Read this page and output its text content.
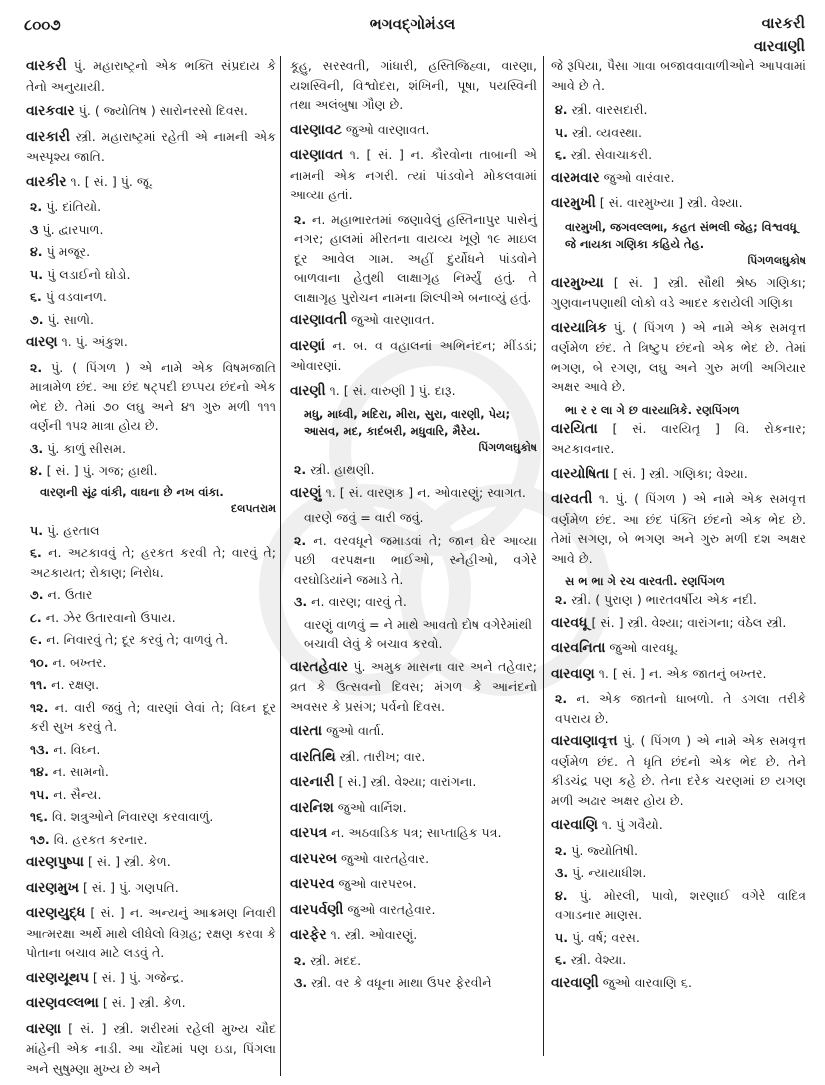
૮૦૦૭	ભગવદ્ગોમંડલ	વારકરી
વારવાણી
વારકરી પું. મહારાષ્ટ્રનો એક ભક્તિ સંપ્રદાય કે તેનો અનુયાયી.
વારકવાર પું. ( જ્યોતિષ ) સારોનરસો દિવસ.
વારકારી સ્ત્રી. મહારાષ્ટ્રમાં રહેતી એ નામની એક અસ્પૃશ્ય જાતિ.
વારકીર ૧. [ સં. ] પું. જૂ.
૨. પું. દાંતિયો.
૩ પું. દ્વારપાળ.
૪. પું મજૂર.
૫. પું લડાઈનો ઘોડો.
૬. પું વડવાનળ.
૭. પું. સાળો.
વારણ ૧. પું. અંકુશ.
૨. પું. ( પિંગળ ) એ નામે એક વિષમજાતિ માત્રામેળ છંદ. આ છંદ ષટ્પદી છપ્પય છંદનો એક ભેદ છે. તેમાં ૭૦ લઘુ અને ૪૧ ગુરુ મળી ૧૧૧ વર્ણની ૧૫૨ માત્રા હોય છે.
૩. પું. કાળું સીસમ.
૪. [ સં. ] પું. ગજ; હાથી.
વારણની સૂંઢ વાંકી, વાઘના છે નખ વાંકા.
દલપતરામ
૫. પું. હરતાલ
૬. ન. અટકાવવું તે; હરકત કરવી તે; વારવું તે; અટકાયત; રોકાણ; નિરોધ.
૭. ન. ઉતાર
૮. ન. ઝેર ઉતારવાનો ઉપાય.
૯. ન. નિવારવું તે; દૂર કરવું તે; વાળવું તે.
૧૦. ન. બખ્તર.
૧૧. ન. રક્ષણ.
૧૨. ન. વારી જવું તે; વારણાં લેવાં તે; વિઘ્ન દૂર કરી સુખ કરવું તે.
૧૩. ન. વિઘ્ન.
૧૪. ન. સામનો.
૧૫. ન. સૈન્ય.
૧૬. વિ. શત્રુઓને નિવારણ કરવાવાળું.
૧૭. વિ. હરકત કરનાર.
વારણપુષ્પા [ સં. ] સ્ત્રી. કેળ.
વારણમુખ [ સં. ] પું. ગણપતિ.
વારણયુદ્ધ [ સં. ] ન. અન્યનું આક્રમણ નિવારી આત્મરક્ષા અર્થે માથે લીધેલો વિગ્રહ; રક્ષણ કરવા કે પોતાના બચાવ માટે લડવું તે.
વારણયૂથપ [ સં. ] પું. ગજેન્દ્ર.
વારણવલ્લભા [ સં. ] સ્ત્રી. કેળ.
વારણા [ સં. ] સ્ત્રી. શરીરમાં રહેલી મુખ્ય ચૌદ માંહેની એક નાડી. આ ચૌદમાં પણ ઇડા, પિંગલા અને સુષુમ્ણા મુખ્ય છે અને
કૂહુ, સરસ્વતી, ગાંધારી, હસ્તિજિહ્વા, વારણા, યશસ્વિની, વિશ્વોદરા, શંખિની, પૂષા, પયસ્વિની તથા અલંબુષા ગૌણ છે.
વારણાવટ જુઓ વારણાવત.
વારણાવત ૧. [ સં. ] ન. કૌરવોના તાબાની એ નામની એક નગરી. ત્યાં પાંડવોને મોકલવામાં આવ્યા હતાં.
૨. ન. મહાભારતમાં જણાવેલું હસ્તિનાપુર પાસેનું નગર; હાલમાં મીરતના વાયવ્ય ખૂણે ૧૯ માઇલ દૂર આવેલ ગામ. અહીં દુર્યોધને પાંડવોને બાળવાના હેતુથી લાક્ષાગૃહ નિર્મ્યું હતું. તે લાક્ષાગૃહ પુરોચન નામના શિલ્પીએ બનાવ્યું હતું.
વારણાવતી જુઓ વારણાવત.
વારણાં ન. બ. વ વહાલનાં અભિનંદન; મીંડડાં; ઓવારણાં.
વારણી ૧. [ સં. વારુણી ] પું. દારૂ.
મધુ, માધ્વી, મદિરા, મીરા, સુરા, વારણી, પેય; આસવ, મદ, કાદંબરી, મધુવારિ, મૈરેય.
પિંગળલઘુકોષ
૨. સ્ત્રી. હાથણી.
વારણું ૧. [ સં. વારણક ] ન. ઓવારણું; સ્વાગત.
વારણે જવું = વારી જવું.
૨. ન. વરવધૂને જમાડવાં તે; જાન ઘેર આવ્યા પછી વરપક્ષના ભાઈઓ, સ્નેહીઓ, વગેરે વરઘોડિયાંને જમાડે તે.
૩. ન. વારણ; વારવું તે.
વારણું વાળવું = ને માથે આવતો દોષ વગેરેમાંથી બચાવી લેવું કે બચાવ કરવો.
વારતહેવાર પું. અમુક માસના વાર અને તહેવાર; વ્રત કે ઉત્સવનો દિવસ; મંગળ કે આનંદનો અવસર કે પ્રસંગ; પર્વનો દિવસ.
વારતા જુઓ વાર્તા.
વારતિથિ સ્ત્રી. તારીખ; વાર.
વારનારી [ સં.] સ્ત્રી. વેશ્યા; વારાંગના.
વારનિશ જુઓ વાર્નિશ.
વારપત્ર ન. અઠવાડિક પત્ર; સાપ્તાહિક પત્ર.
વારપરબ જુઓ વારતહેવાર.
વારપરવ જુઓ વારપરબ.
વારપર્વણી જુઓ વારતહેવાર.
વારફેર ૧. સ્ત્રી. ઓવારણું.
૨. સ્ત્રી. મદદ.
૩. સ્ત્રી. વર કે વધૂના માથા ઉપર ફેરવીને
જે રૂપિયા, પૈસા ગાવા બજાવવાવાળીઓને આપવામાં આવે છે તે.
૪. સ્ત્રી. વારસદારી.
૫. સ્ત્રી. વ્યવસ્થા.
૬. સ્ત્રી. સેવાચાકરી.
વારમવાર જુઓ વારંવાર.
વારમુખી [ સં. વારમુખ્યા ] સ્ત્રી. વેશ્યા.
વારમુખી, જગવલ્લભા, કહત સંભલી જેહ; વિશ્વવધૂ જે નાયકા ગણિકા કહિયે તેહ.
પિંગળલઘુકોષ
વારમુખ્યા [ સં. ] સ્ત્રી. સૌથી શ્રેષ્ઠ ગણિકા; ગુણવાનપણાથી લોકો વડે આદર કરાયેલી ગણિકા
વારયાત્રિક પું. ( પિંગળ ) એ નામે એક સમવૃત્ત વર્ણમેળ છંદ. તે ત્રિષ્ટુપ છંદનો એક ભેદ છે. તેમાં ભગણ, બે રગણ, લઘુ અને ગુરુ મળી અગિયાર અક્ષર આવે છે.
ભા ર ર લા ગે છ વારયાત્રિકે. રણપિંગળ
વારયિતા [ સં. વારયિતૃ ] વિ. રોકનાર; અટકાવનાર.
વારયોષિતા [ સં. ] સ્ત્રી. ગણિકા; વેશ્યા.
વારવતી ૧. પું. ( પિંગળ ) એ નામે એક સમવૃત્ત વર્ણમેળ છંદ. આ છંદ પંક્તિ છંદનો એક ભેદ છે. તેમાં સગણ, બે ભગણ અને ગુરુ મળી દશ અક્ષર આવે છે.
સ ભ ભા ગે રચ વારવતી. રણપિંગળ
૨. સ્ત્રી. ( પુરાણ ) ભારતવર્ષીય એક નદી.
વારવધૂ [ સં. ] સ્ત્રી. વેશ્યા; વારાંગના; વંઠેલ સ્ત્રી.
વારવનિતા જુઓ વારવધૂ.
વારવાણ ૧. [ સં. ] ન. એક જાતનું બખ્તર.
૨. ન. એક જાતનો ધાબળો. તે ડગલા તરીકે વપરાય છે.
વારવાણાવૃત્ત પું. ( પિંગળ ) એ નામે એક સમવૃત્ત વર્ણમેળ છંદ. તે ધૃતિ છંદનો એક ભેદ છે. તેને કીડચંદ્ર પણ કહે છે. તેના દરેક ચરણમાં છ યગણ મળી અઢાર અક્ષર હોય છે.
વારવાણિ ૧. પું ગવૈયો.
૨. પું. જ્યોતિષી.
૩. પું. ન્યાયાધીશ.
૪. પું. મોરલી, પાવો, શરણાઈ વગેરે વાદિત્ર વગાડનાર માણસ.
૫. પું. વર્ષ; વરસ.
૬. સ્ત્રી. વેશ્યા.
વારવાણી જુઓ વારવાણિ ૬.
